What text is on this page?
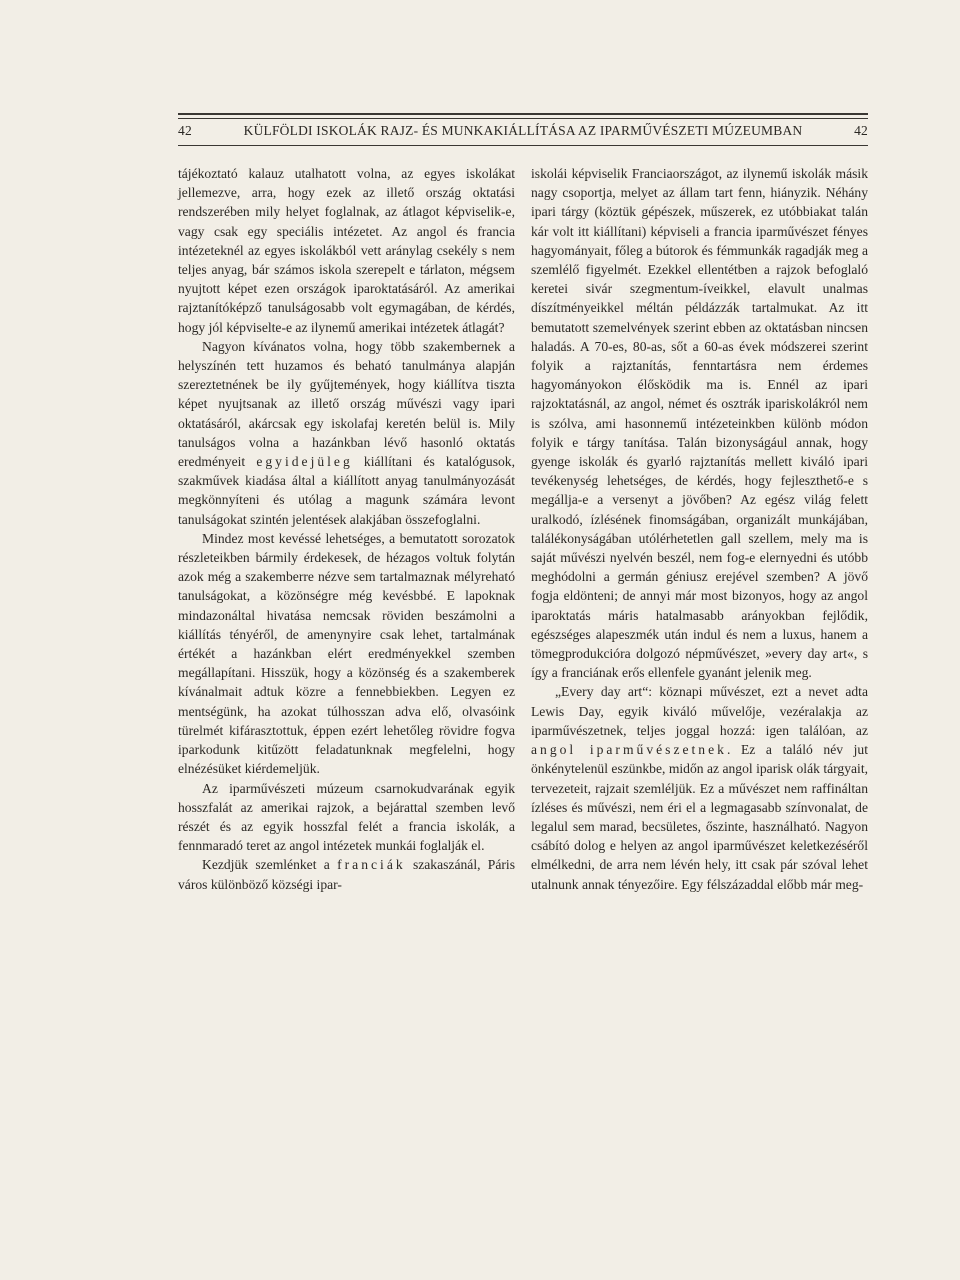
42	KÜLFÖLDI ISKOLÁK RAJZ- ÉS MUNKAKIÁLLÍTÁSA AZ IPARMŰVÉSZETI MÚZEUMBAN	42

tájékoztató kalauz utalhatott volna, az egyes iskolákat jellemezve, arra, hogy ezek az illető ország oktatási rendszerében mily helyet foglalnak, az átlagot képviselik-e, vagy csak egy speciális intézetet. Az angol és francia intézeteknél az egyes iskolákból vett aránylag csekély s nem teljes anyag, bár számos iskola szerepelt e tárlaton, mégsem nyujtott képet ezen országok iparoktatásáról. Az amerikai rajztanítóképző tanulságosabb volt egymagában, de kérdés, hogy jól képviselte-e az ilynemű amerikai intézetek átlagát?

Nagyon kívánatos volna, hogy több szakembernek a helyszínén tett huzamos és beható tanulmánya alapján szereztetnének be ily gyűjtemények, hogy kiállítva tiszta képet nyujtsanak az illető ország művészi vagy ipari oktatásáról, akárcsak egy iskolafaj keretén belül is. Mily tanulságos volna a hazánkban lévő hasonló oktatás eredményeit egyidejüleg kiállítani és katalógusok, szakművek kiadása által a kiállított anyag tanulmányozását megkönnyíteni és utólag a magunk számára levont tanulságokat szintén jelentések alakjában összefoglalni.

Mindez most kevéssé lehetséges, a bemutatott sorozatok részleteikben bármily érdekesek, de hézagos voltuk folytán azok még a szakemberre nézve sem tartalmaznak mélyreható tanulságokat, a közönségre még kevésbbé. E lapoknak mindazonáltal hivatása nemcsak röviden beszámolni a kiállítás tényéről, de amenynyire csak lehet, tartalmának értékét a hazánkban elért eredményekkel szemben megállapítani. Hisszük, hogy a közönség és a szakemberek kívánalmait adtuk közre a fennebbiekben. Legyen ez mentségünk, ha azokat túlhosszan adva elő, olvasóink türelmét kifárasztottuk, éppen ezért lehetőleg rövidre fogva iparkodunk kitűzött feladatunknak megfelelni, hogy elnézésüket kiérdemeljük.

Az iparművészeti múzeum csarnokudvarának egyik hosszfalát az amerikai rajzok, a bejárattal szemben levő részét és az egyik hosszfal felét a francia iskolák, a fennmaradó teret az angol intézetek munkái foglalják el.

Kezdjük szemlénket a franciák szakaszánál, Páris város különböző községi ipar-

iskolái képviselik Franciaországot, az ilynemű iskolák másik nagy csoportja, melyet az állam tart fenn, hiányzik. Néhány ipari tárgy (köztük gépészek, műszerek, ez utóbbiakat talán kár volt itt kiállítani) képviseli a francia iparművészet fényes hagyományait, főleg a bútorok és fémmunkák ragadják meg a szemlélő figyelmét. Ezekkel ellentétben a rajzok befoglaló keretei sivár szegmentum-íveikkel, elavult unalmas díszítményeikkel méltán példázzák tartalmukat. Az itt bemutatott szemelvények szerint ebben az oktatásban nincsen haladás. A 70-es, 80-as, sőt a 60-as évek módszerei szerint folyik a rajztanítás, fenntartásra nem érdemes hagyományokon élősködik ma is. Ennél az ipari rajzoktatásnál, az angol, német és osztrák ipariskolákról nem is szólva, ami hasonnemű intézeteinkben különb módon folyik e tárgy tanítása. Talán bizonyságául annak, hogy gyenge iskolák és gyarló rajztanítás mellett kiváló ipari tevékenység lehetséges, de kérdés, hogy fejleszthető-e s megállja-e a versenyt a jövőben? Az egész világ felett uralkodó, ízlésének finomságában, organizált munkájában, találékonyságában utólérhetetlen gall szellem, mely ma is saját művészi nyelvén beszél, nem fog-e elernyedni és utóbb meghódolni a germán géniusz erejével szemben? A jövő fogja eldönteni; de annyi már most bizonyos, hogy az angol iparoktatás máris hatalmasabb arányokban fejlődik, egészséges alapeszmék után indul és nem a luxus, hanem a tömegprodukcióra dolgozó népművészet, »every day art«, s így a franciának erős ellenfele gyanánt jelenik meg.

„Every day art“: köznapi művészet, ezt a nevet adta Lewis Day, egyik kiváló művelője, vezéralakja az iparművészetnek, teljes joggal hozzá: igen találóan, az angol iparművészetnek. Ez a találó név jut önkénytelenül eszünkbe, midőn az angol iparisk olák tárgyait, tervezeteit, rajzait szemléljük. Ez a művészet nem raffináltan ízléses és művészi, nem éri el a legmagasabb színvonalat, de legalul sem marad, becsületes, őszinte, használható. Nagyon csábító dolog e helyen az angol iparművészet keletkezéséről elmélkedni, de arra nem lévén hely, itt csak pár szóval lehet utalnunk annak tényezőire. Egy félszázaddal előbb már meg-
